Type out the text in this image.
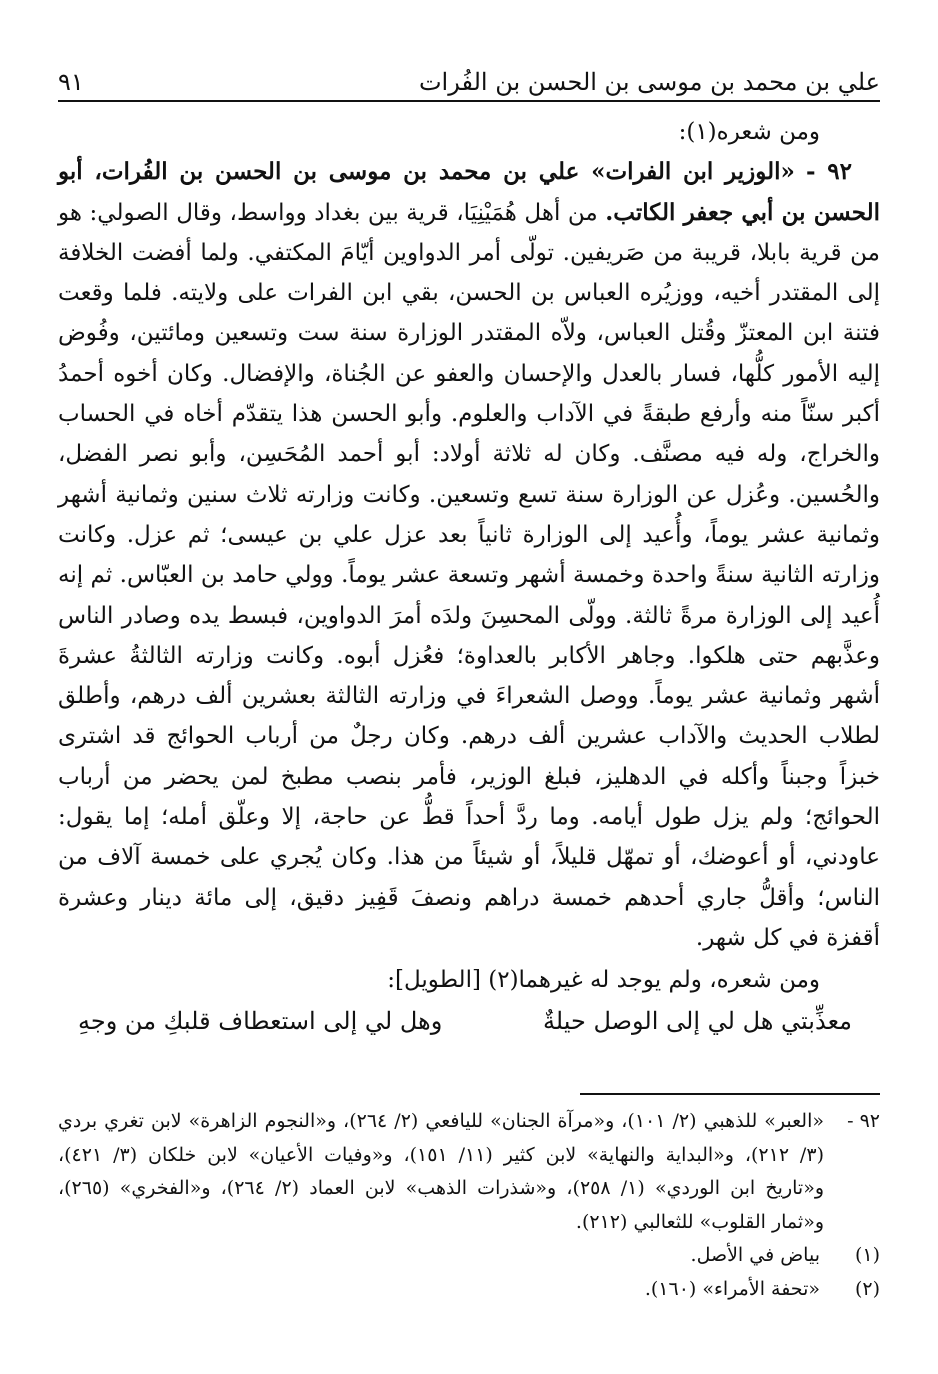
علي بن محمد بن موسى بن الحسن بن الفُرات
٩١

ومن شعره(١):

٩٢ - «الوزير ابن الفرات» علي بن محمد بن موسى بن الحسن بن الفُرات، أبو الحسن بن أبي جعفر الكاتب. من أهل هُمَيْنِيَا، قرية بين بغداد وواسط، وقال الصولي: هو من قرية بابلا، قريبة من صَريفين. تولّى أمر الدواوين أيّامَ المكتفي. ولما أفضت الخلافة إلى المقتدر أخيه، ووزيُره العباس بن الحسن، بقي ابن الفرات على ولايته. فلما وقعت فتنة ابن المعتزّ وقُتل العباس، ولاّه المقتدر الوزارة سنة ست وتسعين ومائتين، وفُوض إليه الأمور كلُّها، فسار بالعدل والإحسان والعفو عن الجُناة، والإفضال. وكان أخوه أحمدُ أكبر سنّاً منه وأرفع طبقةً في الآداب والعلوم. وأبو الحسن هذا يتقدّم أخاه في الحساب والخراج، وله فيه مصنَّف. وكان له ثلاثة أولاد: أبو أحمد المُحَسِن، وأبو نصر الفضل، والحُسين. وعُزل عن الوزارة سنة تسع وتسعين. وكانت وزارته ثلاث سنين وثمانية أشهر وثمانية عشر يوماً، وأُعيد إلى الوزارة ثانياً بعد عزل علي بن عيسى؛ ثم عزل. وكانت وزارته الثانية سنةً واحدة وخمسة أشهر وتسعة عشر يوماً. وولي حامد بن العبّاس. ثم إنه أُعيد إلى الوزارة مرةً ثالثة. وولّى المحسِنَ ولدَه أمرَ الدواوين، فبسط يده وصادر الناس وعذَّبهم حتى هلكوا. وجاهر الأكابر بالعداوة؛ فعُزل أبوه. وكانت وزارته الثالثةُ عشرةَ أشهر وثمانية عشر يوماً. ووصل الشعراءَ في وزارته الثالثة بعشرين ألف درهم، وأطلق لطلاب الحديث والآداب عشرين ألف درهم. وكان رجلٌ من أرباب الحوائج قد اشترى خبزاً وجبناً وأكله في الدهليز، فبلغ الوزير، فأمر بنصب مطبخ لمن يحضر من أرباب الحوائج؛ ولم يزل طول أيامه. وما ردَّ أحداً قطُّ عن حاجة، إلا وعلّق أمله؛ إما يقول: عاودني، أو أعوضك، أو تمهّل قليلاً، أو شيئاً من هذا. وكان يُجري على خمسة آلاف من الناس؛ وأقلُّ جاري أحدهم خمسة دراهم ونصفَ قَفِيز دقيق، إلى مائة دينار وعشرة أقفزة في كل شهر.

ومن شعره، ولم يوجد له غيرهما(٢) [الطويل]:

معذِّبتي هل لي إلى الوصل حيلةٌ
وهل لي إلى استعطاف قلبكِ من وجهِ
٩٢ -
«العبر» للذهبي (٢/ ١٠١)، و«مرآة الجنان» لليافعي (٢/ ٢٦٤)، و«النجوم الزاهرة» لابن تغري بردي (٣/ ٢١٢)، و«البداية والنهاية» لابن كثير (١١/ ١٥١)، و«وفيات الأعيان» لابن خلكان (٣/ ٤٢١)، و«تاريخ ابن الوردي» (١/ ٢٥٨)، و«شذرات الذهب» لابن العماد (٢/ ٢٦٤)، و«الفخري» (٢٦٥)، و«ثمار القلوب» للثعالبي (٢١٢).
(١)
بياض في الأصل.
(٢)
«تحفة الأمراء» (١٦٠).
